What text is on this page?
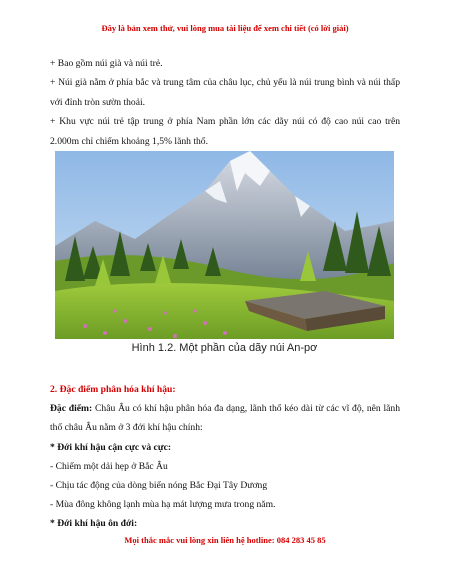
Đây là bản xem thử, vui lòng mua tài liệu để xem chi tiết (có lời giải)

+ Bao gồm núi già và núi trẻ.

+ Núi già nằm ở phía bắc và trung tâm của châu lục, chủ yếu là núi trung bình và núi thấp với đỉnh tròn sườn thoải.

+ Khu vực núi trẻ tập trung ở phía Nam phần lớn các dãy núi có độ cao núi cao trên 2.000m chỉ chiếm khoảng 1,5% lãnh thổ.

Hình 1.2. Một phần của dãy núi An-pơ

2. Đặc điểm phân hóa khí hậu:

Đặc điểm: Châu Âu có khí hậu phân hóa đa dạng, lãnh thổ kéo dài từ các vĩ độ, nên lãnh thổ châu Âu nằm ở 3 đới khí hậu chính:

* Đới khí hậu cận cực và cực:

- Chiếm một dải hẹp ở Bắc Âu

- Chịu tác động của dòng biển nóng Bắc Đại Tây Dương

- Mùa đông không lạnh mùa hạ mát lượng mưa trong năm.

* Đới khí hậu ôn đới:

Mọi thắc mắc vui lòng xin liên hệ hotline: 084 283 45 85
